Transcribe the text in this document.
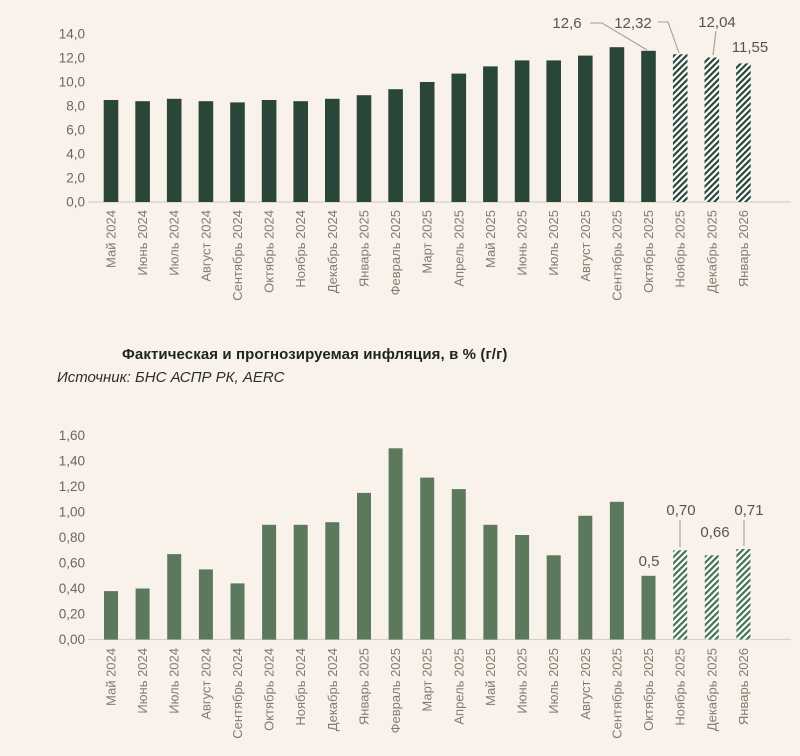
0,0
2,0
4,0
6,0
8,0
10,0
12,0
14,0
Май 2024 Июнь 2024 Июль 2024 Август 2024 Сентябрь 2024 Октябрь 2024 Ноябрь 2024 Декабрь 2024 Январь 2025 Февраль 2025 Март 2025 Апрель 2025 Май 2025 Июнь 2025 Июль 2025 Август 2025 Сентябрь 2025 Октябрь 2025 Ноябрь 2025 Декабрь 2025 Январь 2026
12,6 12,32	12,04
11,55
Фактическая и прогнозируемая инфляция, в % (г/г)
Источник: БНС АСПР РК, AERC
0,00
0,20
0,40
0,60
0,80
1,00
1,20
1,40
1,60
Май 2024 Июнь 2024 Июль 2024 Август 2024 Сентябрь 2024 Октябрь 2024 Ноябрь 2024 Декабрь 2024 Январь 2025 Февраль 2025 Март 2025 Апрель 2025 Май 2025 Июнь 2025 Июль 2025 Август 2025 Сентябрь 2025 Октябрь 2025 Ноябрь 2025 Декабрь 2025 Январь 2026
0,5
0,70
0,66
0,71
